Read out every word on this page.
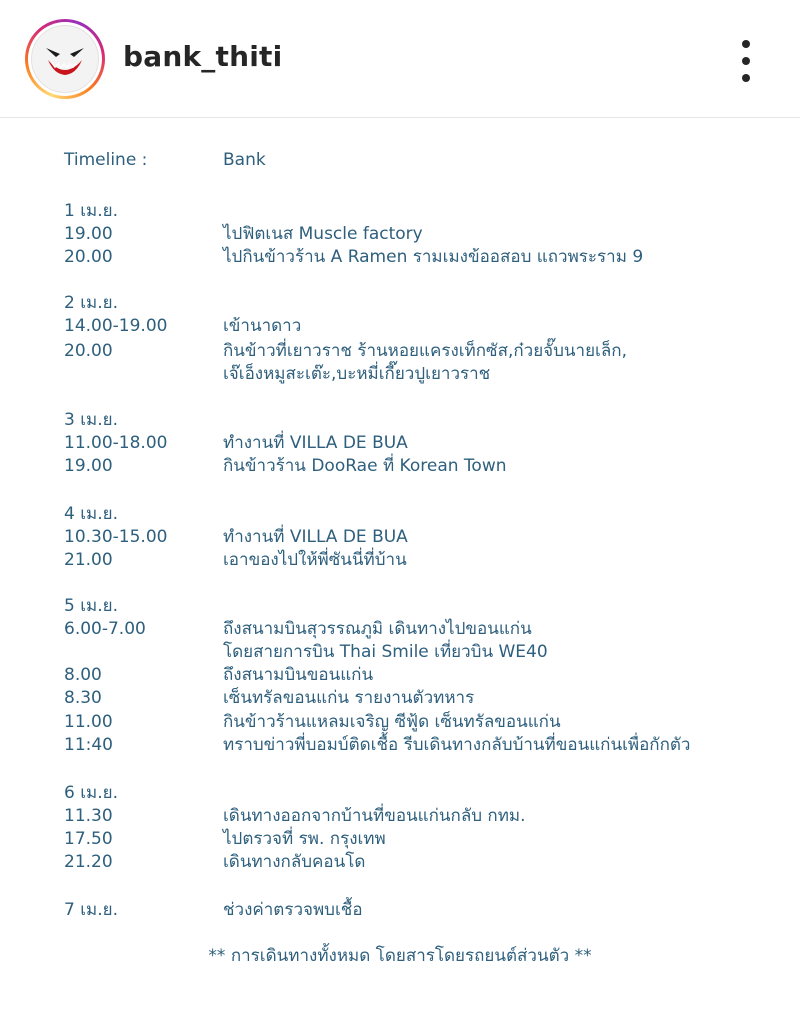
bank_thiti
Timeline :	Bank
1 เม.ย.
19.00	ไปฟิตเนส Muscle factory
20.00	ไปกินข้าวร้าน A Ramen รามเมงข้ออสอบ แถวพระราม 9
2 เม.ย.
14.00-19.00	เข้านาดาว
20.00	กินข้าวที่เยาวราช ร้านหอยแครงเท็กซัส,ก๋วยจั๊บนายเล็ก,
เจ๊เอ็งหมูสะเต๊ะ,บะหมี่เกี๊ยวปูเยาวราช
3 เม.ย.
11.00-18.00	ทำงานที่ VILLA DE BUA
19.00	กินข้าวร้าน DooRae ที่ Korean Town
4 เม.ย.
10.30-15.00	ทำงานที่ VILLA DE BUA
21.00	เอาของไปให้พี่ซันนี่ที่บ้าน
5 เม.ย.
6.00-7.00	ถึงสนามบินสุวรรณภูมิ เดินทางไปขอนแก่น
โดยสายการบิน Thai Smile เที่ยวบิน WE40
8.00	ถึงสนามบินขอนแก่น
8.30	เซ็นทรัลขอนแก่น รายงานตัวทหาร
11.00	กินข้าวร้านแหลมเจริญ ซีฟู้ด เซ็นทรัลขอนแก่น
11:40	ทราบข่าวพี่บอมบ์ติดเชื้อ รีบเดินทางกลับบ้านที่ขอนแก่นเพื่อกักตัว
6 เม.ย.
11.30	เดินทางออกจากบ้านที่ขอนแก่นกลับ กทม.
17.50	ไปตรวจที่ รพ. กรุงเทพ
21.20	เดินทางกลับคอนโด
7 เม.ย.	ช่วงค่าตรวจพบเชื้อ
** การเดินทางทั้งหมด โดยสารโดยรถยนต์ส่วนตัว **
